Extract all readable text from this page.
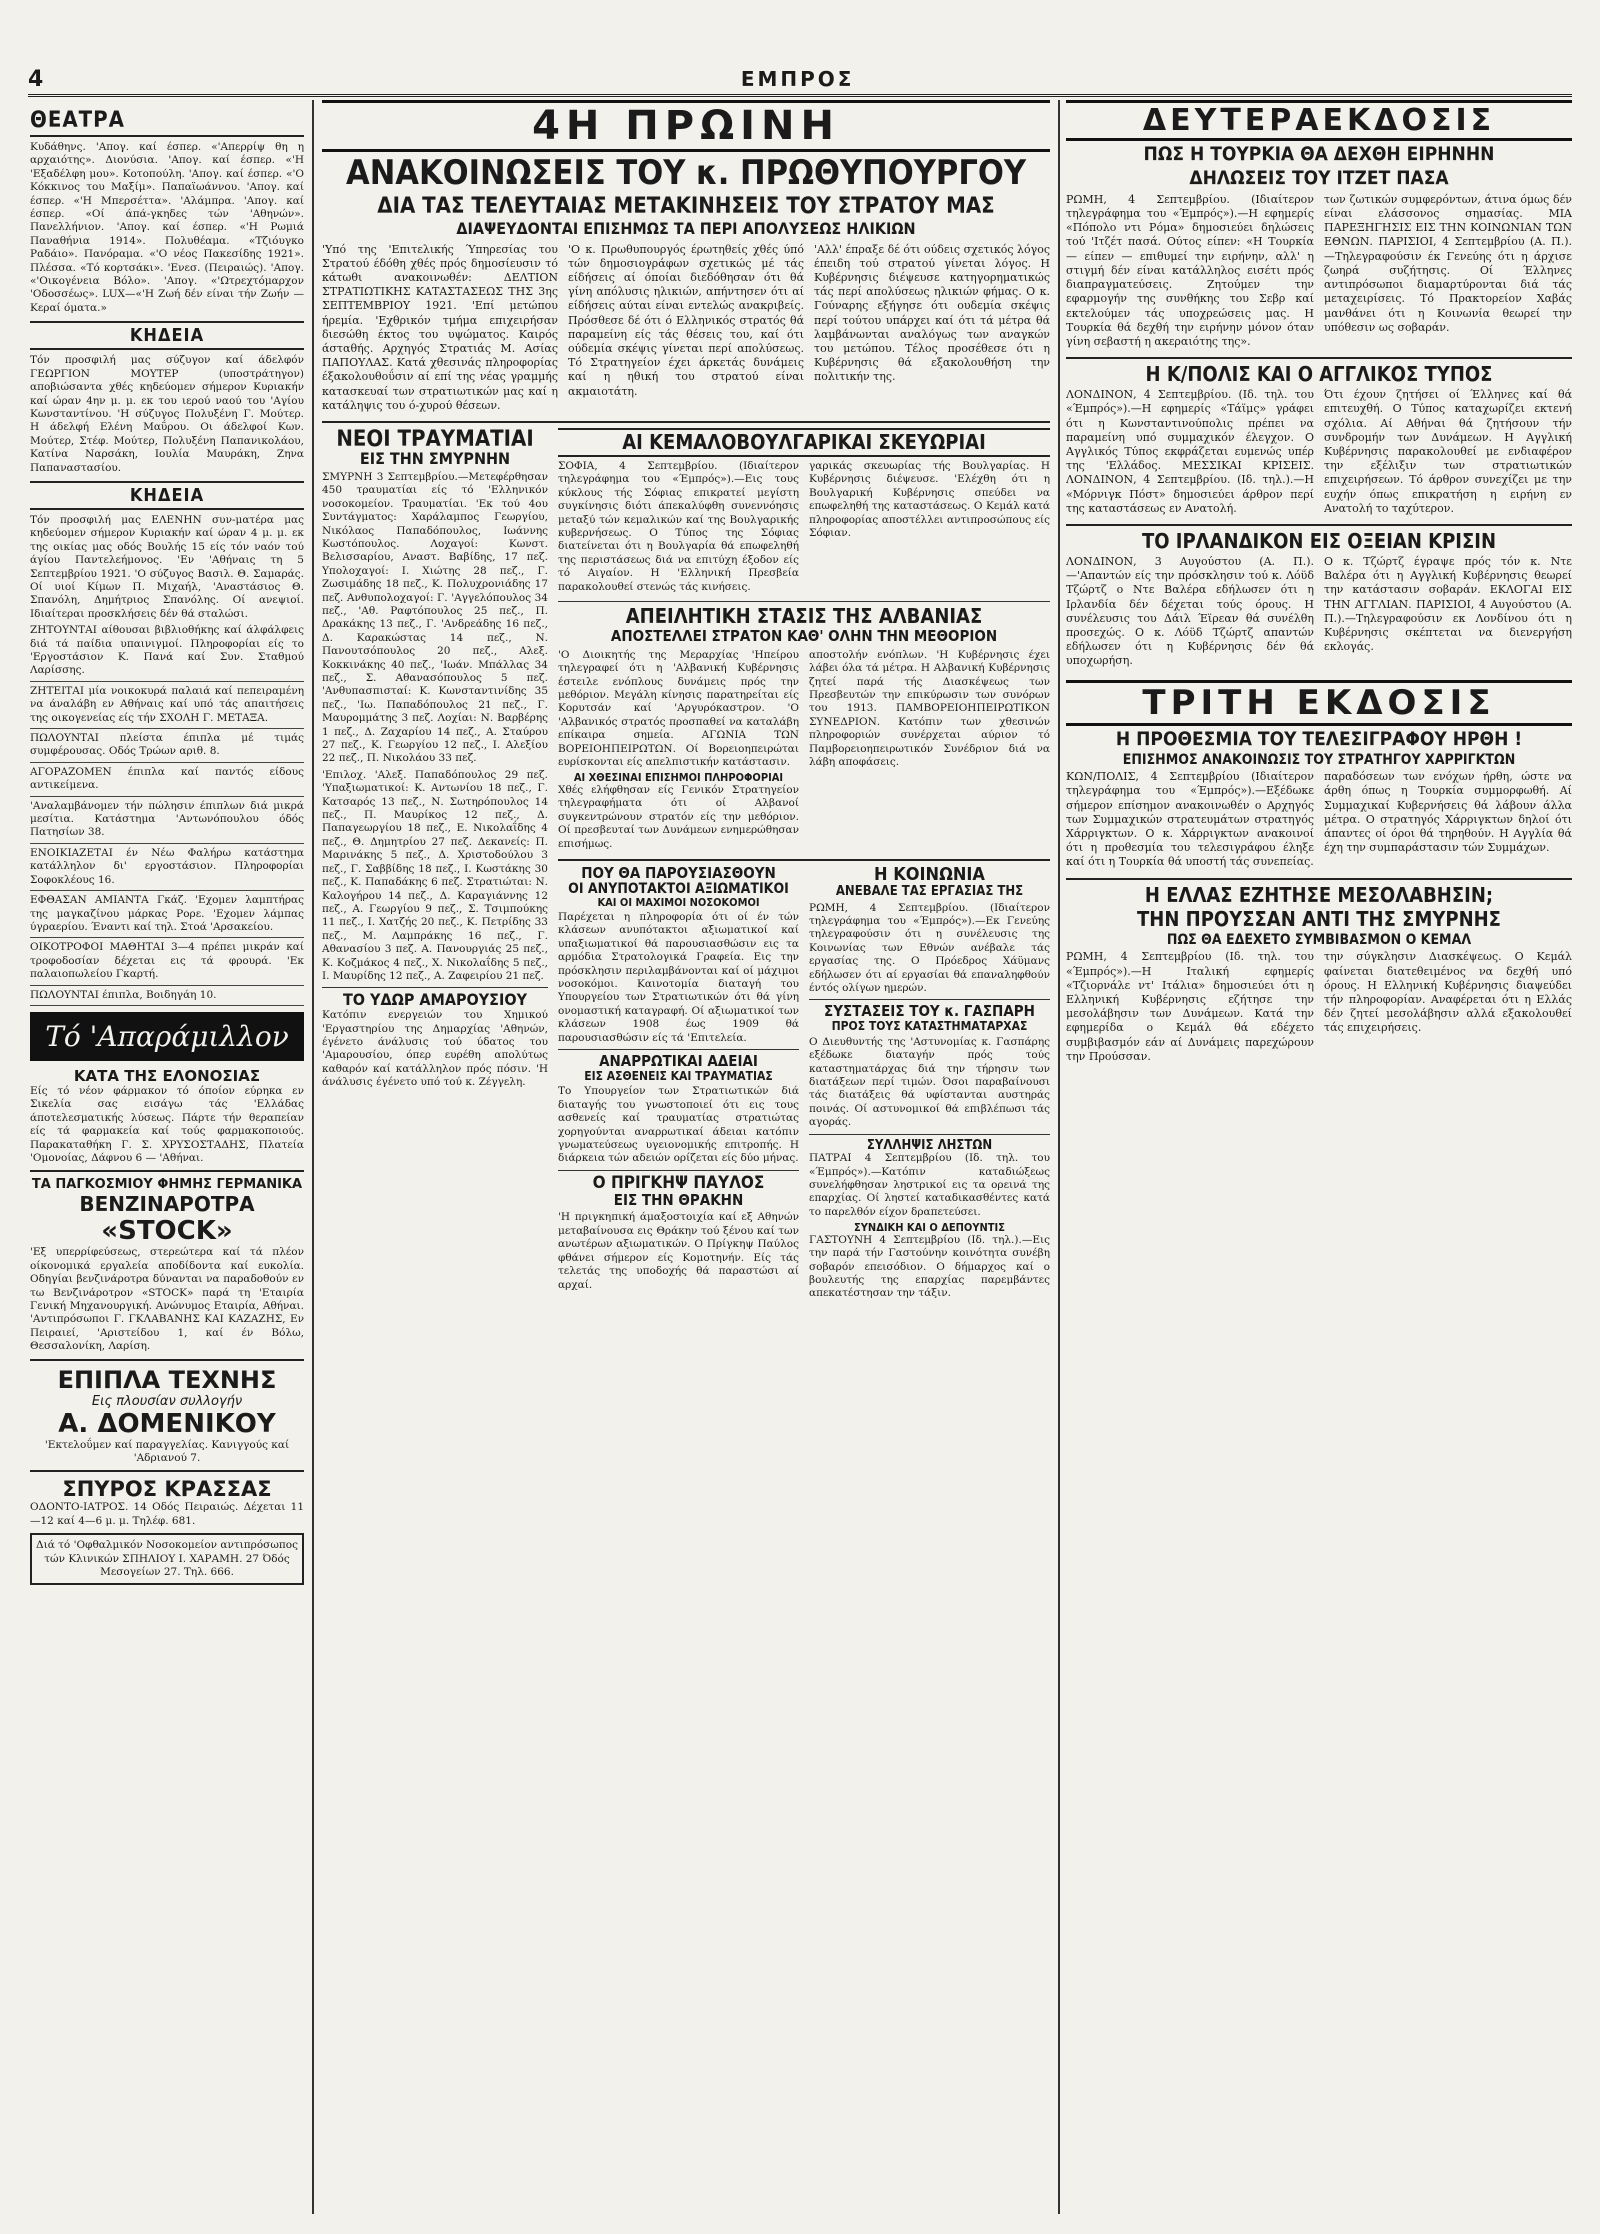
4	ΕΜΠΡΟΣ
ΘΕΑΤΡΑ

Κυδάθηνς. 'Απογ. καί έσπερ. «'Απερρίψ θη η αρχαιότης». Διονύσια. 'Απογ. καί έσπερ. «'Η 'Εξαδέλφη μου». Κοτοπούλη. 'Απογ. καί έσπερ. «'Ο Κόκκινος του Μαξίμ». Παπαϊωάννου. 'Απογ. καί έσπερ. «'Η Μπερσέττα». 'Αλάμπρα. 'Απογ. καί έσπερ. «Οί άπά-γκηδες τών 'Αθηνών». Πανελλήνιον. 'Απογ. καί έσπερ. «'Η Ρωμιά Παναθήνια 1914». Πολυθέαμα. «Τζιόυγκο Ραδάιο». Πανόραμα. «'Ο νέος Πακεσίδης 1921». Πλέσσα. «Τό κορτσάκι». 'Ενεσ. (Πειραιώς). 'Απογ. «'Οικογένεια Βόλο». 'Απογ. «'Ωτρεχτόμαρχον 'Οδοσσέως». LUX—«'Η Ζωή δέν είναι τήν Ζωήν — Κεραί όματα.»

ΚΗΔΕΙΑ

Τόν προσφιλή μας σύζυγον καί άδελφόν ΓΕΩΡΓΙΟΝ ΜΟΥΤΕΡ (υποστράτηγον) αποβιώσαντα χθές κηδεύομεν σήμερον Κυριακήν καί ώραν 4ην μ. μ. εκ του ιερού ναού του 'Αγίου Κωνσταντίνου. 'Η σύζυγος Πολυξένη Γ. Μούτερ. Η άδελφή Ελένη Μαΰρου. Οι άδελφοί Κων. Μούτερ, Στέφ. Μούτερ, Πολυξένη Παπανικολάου, Κατίνα Ναρσάκη, Ιουλία Μαυράκη, Ζηνα Παπαναστασίου.

ΚΗΔΕΙΑ

Τόν προσφιλή μας ΕΛΕΝΗΝ συν-ματέρα μας κηδεύομεν σήμερον Κυριακήν καί ώραν 4 μ. μ. εκ της οικίας μας οδός Βουλής 15 είς τόν ναόν τού άγίου Παντελεήμονος. 'Εν 'Αθήναις τη 5 Σεπτεμβρίου 1921. 'Ο σύζυγος Βασιλ. Θ. Σαμαράς. Οί υιοί Κίμων Π. Μιχαήλ, 'Αναστάσιος Θ. Σπανόλη, Δημήτριος Σπανόλης. Οί ανεψιοί. Ιδιαίτεραι προσκλήσεις δέν θά σταλώσι.

ΖΗΤΟΥΝΤΑΙ αίθουσαι βιβλιοθήκης καί άλφάλφεις διά τά παίδια υπαινιγμοί. Πληροφορίαι είς το 'Εργοστάσιον Κ. Πανά καί Συν. Σταθμού Λαρίσσης.

ΖΗΤΕΙΤΑΙ μία νοικοκυρά παλαιά καί πεπειραμένη να άναλάβη εν Αθήναις καί υπό τάς απαιτήσεις της οικογενείας είς τήν ΣΧΟΛΗ Γ. ΜΕΤΑΞΑ.

ΠΩΛΟΥΝΤΑΙ πλείστα έπιπλα μέ τιμάς συμφέρουσας. Οδός Τρώων αριθ. 8.

ΑΓΟΡΑΖΟΜΕΝ έπιπλα καί παντός είδους αντικείμενα.

'Αναλαμβάνομεν τήν πώλησιν έπιπλων διά μικρά μεσίτια. Κατάστημα 'Αντωνόπουλου όδός Πατησίων 38.

ΕΝΟΙΚΙΑΖΕΤΑΙ έν Νέω Φαλήρω κατάστημα κατάλληλον δι' εργοστάσιον. Πληροφορίαι Σοφοκλέους 16.

ΕΦΘΑΣΑΝ ΑΜΙΑΝΤΑ Γκάζ. 'Εχομεν λαμπτήρας της μαγκαζίνου μάρκας Ρορε. 'Εχομεν λάμπας ύγραερίου. Έναντι καί τηλ. Στοά 'Αρσακείου.

ΟΙΚΟΤΡΟΦΟΙ ΜΑΘΗΤΑΙ 3—4 πρέπει μικράν καί τροφοδοσίαν δέχεται εις τά φρουρά. 'Εκ παλαιοπωλείου Γκαρτή.

ΠΩΛΟΥΝΤΑΙ έπιπλα, Βοιδηγάη 10.

Τό 'Απαράμιλλον
ΚΑΤΑ ΤΗΣ ΕΛΟΝΟΣΙΑΣ

Είς τό νέον φάρμακον τό όποίον εύρηκα εν Σικελία σας εισάγω τάς 'Ελλάδας άποτελεσματικής λύσεως. Πάρτε τήν θεραπείαν είς τά φαρμακεία καί τούς φαρμακοποιούς. Παρακαταθήκη Γ. Σ. ΧΡΥΣΟΣΤΑΔΗΣ, Πλατεία 'Ομονοίας, Δάφνου 6 — 'Αθήναι.

ΤΑ ΠΑΓΚΟΣΜΙΟΥ ΦΗΜΗΣ ΓΕΡΜΑΝΙΚΑ
ΒΕΝΖΙΝΑΡΟΤΡΑ
«STOCK»

'Εξ υπερρίφεύσεως, στερεώτερα καί τά πλέον οίκονομικά εργαλεία αποδίδοντα καί ευκολία. Οδηγίαι βενζινάροτρα δύνανται να παραδοθούν εν τω Βενζινάροτρον «STOCK» παρά τη 'Εταιρία Γενική Μηχανουργική. Ανώνυμος Εταιρία, Αθήναι. 'Αντιπρόσωποι Γ. ΓΚΛΑΒΑΝΗΣ ΚΑΙ ΚΑΖΑΖΗΣ, Εν Πειραιεί, 'Αριστείδου 1, καί έν Βόλω, Θεσσαλονίκη, Λαρίση.

ΕΠΙΠΛΑ ΤΕΧΝΗΣ
Εις πλουσίαν συλλογήν
Α. ΔΟΜΕΝΙΚΟΥ

'Εκτελοΰμεν καί παραγγελίας. Κανιγγούς καί 'Αδριανού 7.

ΣΠΥΡΟΣ ΚΡΑΣΣΑΣ

ΟΔΟΝΤΟ-ΙΑΤΡΟΣ. 14 Οδός Πειραιώς. Δέχεται 11—12 καί 4—6 μ. μ. Τηλέφ. 681.

Διά τό 'Οφθαλμικόν Νοσοκομείον αντιπρόσωπος τών Κλινικών ΣΠΗΛΙΟΥ Ι. ΧΑΡΑΜΗ. 27 Όδός Μεσογείων 27. Τηλ. 666.

4Η ΠΡΩΙΝΗ
ΑΝΑΚΟΙΝΩΣΕΙΣ ΤΟΥ κ. ΠΡΩΘΥΠΟΥΡΓΟΥ
ΔΙΑ ΤΑΣ ΤΕΛΕΥΤΑΙΑΣ ΜΕΤΑΚΙΝΗΣΕΙΣ ΤΟΥ ΣΤΡΑΤΟΥ ΜΑΣ
ΔΙΑΨΕΥΔΟΝΤΑΙ ΕΠΙΣΗΜΩΣ ΤΑ ΠΕΡΙ ΑΠΟΛΥΣΕΩΣ ΗΛΙΚΙΩΝ

'Υπό της 'Επιτελικής Ύπηρεσίας του Στρατού έδόθη χθές πρός δημοσίευσιν τό κάτωθι ανακοινωθέν: ΔΕΛΤΙΟΝ ΣΤΡΑΤΙΩΤΙΚΗΣ ΚΑΤΑΣΤΑΣΕΩΣ ΤΗΣ 3ης ΣΕΠΤΕΜΒΡΙΟΥ 1921. 'Επί μετώπου ήρεμία. 'Εχθρικόν τμήμα επιχειρήσαν διεσώθη έκτος του υψώματος. Καιρός άσταθής. Αρχηγός Στρατιάς Μ. Ασίας ΠΑΠΟΥΛΑΣ. Κατά χθεσινάς πληροφορίας έξακολουθοΰσιν αί επί της νέας γραμμής κατασκευαί των στρατιωτικών μας καί η κατάληψις του ό-χυρού θέσεων.

'Ο κ. Πρωθυπουργός έρωτηθείς χθές ύπό τών δημοσιογράφων σχετικώς μέ τάς είδήσεις αί όποίαι διεδόθησαν ότι θά γίνη απόλυσις ηλικιών, απήντησεν ότι αί είδήσεις αύται είναι εντελώς ανακριβείς. Πρόσθεσε δέ ότι ό Ελληνικός στρατός θά παραμείνη είς τάς θέσεις του, καί ότι ούδεμία σκέψις γίνεται περί απολύσεως. Τό Στρατηγείον έχει άρκετάς δυνάμεις καί η ηθική του στρατού είναι ακμαιοτάτη.

'Αλλ' έπραξε δέ ότι ούδεις σχετικός λόγος έπειδη τού στρατού γίνεται λόγος. Η Κυβέρνησις διέψευσε κατηγορηματικώς τάς περί απολύσεως ηλικιών φήμας. Ο κ. Γούναρης εξήγησε ότι ουδεμία σκέψις περί τούτου υπάρχει καί ότι τά μέτρα θά λαμβάνωνται αναλόγως των αναγκών του μετώπου. Τέλος προσέθεσε ότι η Κυβέρνησις θά εξακολουθήση την πολιτικήν της.

ΝΕΟΙ ΤΡΑΥΜΑΤΙΑΙ
ΕΙΣ ΤΗΝ ΣΜΥΡΝΗΝ

ΣΜΥΡΝΗ 3 Σεπτεμβρίου.—Μετεφέρθησαν 450 τραυματίαι είς τό 'Ελληνικόν νοσοκομείον. Τραυματίαι. 'Εκ τού 4ου Συντάγματος: Χαράλαμπος Γεωργίου, Νικόλαος Παπαδόπουλος, Ιωάννης Κωστόπουλος. Λοχαγοί: Κωνστ. Βελισσαρίου, Αναστ. Βαβίδης, 17 πεζ. Υπολοχαγοί: Ι. Χιώτης 28 πεζ., Γ. Ζωσιμάδης 18 πεζ., Κ. Πολυχρονιάδης 17 πεζ. Ανθυπολοχαγοί: Γ. 'Αγγελόπουλος 34 πεζ., 'Αθ. Ραφτόπουλος 25 πεζ., Π. Δρακάκης 13 πεζ., Γ. 'Ανδρεάδης 16 πεζ., Δ. Καρακώστας 14 πεζ., Ν. Πανουτσόπουλος 20 πεζ., Αλεξ. Κοκκινάκης 40 πεζ., 'Ιωάν. Μπάλλας 34 πεζ., Σ. Αθανασόπουλος 5 πεζ. 'Ανθυπασπισταί: Κ. Κωνσταντινίδης 35 πεζ., 'Ιω. Παπαδόπουλος 21 πεζ., Γ. Μαυρομμάτης 3 πεζ. Λοχίαι: Ν. Βαρβέρης 1 πεζ., Δ. Ζαχαρίου 14 πεζ., Α. Σταύρου 27 πεζ., Κ. Γεωργίου 12 πεζ., Ι. Αλεξίου 22 πεζ., Π. Νικολάου 33 πεζ.

'Επιλοχ. 'Αλεξ. Παπαδόπουλος 29 πεζ. 'Υπαξιωματικοί: Κ. Αντωνίου 18 πεζ., Γ. Κατσαρός 13 πεζ., Ν. Σωτηρόπουλος 14 πεζ., Π. Μαυρίκος 12 πεζ., Δ. Παπαγεωργίου 18 πεζ., Ε. Νικολαΐδης 4 πεζ., Θ. Δημητρίου 27 πεζ. Δεκανείς: Π. Μαρινάκης 5 πεζ., Δ. Χριστοδούλου 3 πεζ., Γ. Σαββίδης 18 πεζ., Ι. Κωστάκης 30 πεζ., Κ. Παπαδάκης 6 πεζ. Στρατιώται: Ν. Καλογήρου 14 πεζ., Δ. Καραγιάννης 12 πεζ., Α. Γεωργίου 9 πεζ., Σ. Τσιμπούκης 11 πεζ., Ι. Χατζής 20 πεζ., Κ. Πετρίδης 33 πεζ., Μ. Λαμπράκης 16 πεζ., Γ. Αθανασίου 3 πεζ. Α. Πανουργιάς 25 πεζ., Κ. Κοζμάκος 4 πεζ., Χ. Νικολαΐδης 5 πεζ., Ι. Μαυρίδης 12 πεζ., Α. Ζαφειρίου 21 πεζ.

ΤΟ ΥΔΩΡ ΑΜΑΡΟΥΣΙΟΥ

Κατόπιν ενεργειών του Χημικού 'Εργαστηρίου της Δημαρχίας 'Αθηνών, έγένετο άνάλυσις τού ύδατος του 'Αμαρουσίου, όπερ ευρέθη απολύτως καθαρόν καί κατάλληλον πρός πόσιν. 'Η άνάλυσις έγένετο υπό τού κ. Ζέγγελη.

ΑΙ ΚΕΜΑΛΟΒΟΥΛΓΑΡΙΚΑΙ ΣΚΕΥΩΡΙΑΙ

ΣΟΦΙΑ, 4 Σεπτεμβρίου. (Ιδιαίτερον τηλεγράφημα του «Έμπρός»).—Εις τους κύκλους τής Σόφιας επικρατεί μεγίστη συγκίνησις διότι άπεκαλύφθη συνεννόησις μεταξύ τών κεμαλικών καί της Βουλγαρικής κυβερνήσεως. Ο Τύπος της Σόφιας διατείνεται ότι η Βουλγαρία θά επωφεληθή της περιστάσεως διά να επιτύχη έξοδον είς τό Αιγαίον. Η 'Ελληνική Πρεσβεία παρακολουθεί στενώς τάς κινήσεις.

γαρικάς σκευωρίας τής Βουλγαρίας. Η Κυβέρνησις διέψευσε. 'Ελέχθη ότι η Βουλγαρική Κυβέρνησις σπεύδει να επωφεληθή της καταστάσεως. Ο Κεμάλ κατά πληροφορίας αποστέλλει αντιπροσώπους είς Σόφιαν.

ΑΠΕΙΛΗΤΙΚΗ ΣΤΑΣΙΣ ΤΗΣ ΑΛΒΑΝΙΑΣ
ΑΠΟΣΤΕΛΛΕΙ ΣΤΡΑΤΟΝ ΚΑΘ' ΟΛΗΝ ΤΗΝ ΜΕΘΟΡΙΟΝ

'Ο Διοικητής της Μεραρχίας 'Ηπείρου τηλεγραφεί ότι η 'Αλβανική Κυβέρνησις έστειλε ενόπλους δυνάμεις πρός την μεθόριον. Μεγάλη κίνησις παρατηρείται είς Κορυτσάν καί 'Αργυρόκαστρον. 'Ο 'Αλβανικός στρατός προσπαθεί να καταλάβη επίκαιρα σημεία. ΑΓΩΝΙΑ ΤΩΝ ΒΟΡΕΙΟΗΠΕΙΡΩΤΩΝ. Οί Βορειοηπειρώται ευρίσκονται είς απελπιστικήν κατάστασιν.

ΑΙ ΧΘΕΣΙΝΑΙ ΕΠΙΣΗΜΟΙ ΠΛΗΡΟΦΟΡΙΑΙ

Χθές ελήφθησαν είς Γενικόν Στρατηγείον τηλεγραφήματα ότι οί Αλβανοί συγκεντρώνουν στρατόν είς την μεθόριον. Οί πρεσβευταί των Δυνάμεων ενημερώθησαν επισήμως.

αποστολήν ενόπλων. 'Η Κυβέρνησις έχει λάβει όλα τά μέτρα. Η Αλβανική Κυβέρνησις ζητεί παρά τής Διασκέψεως των Πρεσβευτών την επικύρωσιν των συνόρων του 1913. ΠΑΜΒΟΡΕΙΟΗΠΕΙΡΩΤΙΚΟΝ ΣΥΝΕΔΡΙΟΝ. Κατόπιν των χθεσινών πληροφοριών συνέρχεται αύριον τό Παμβορειοηπειρωτικόν Συνέδριον διά να λάβη αποφάσεις.

ΠΟΥ ΘΑ ΠΑΡΟΥΣΙΑΣΘΟΥΝ
ΟΙ ΑΝΥΠΟΤΑΚΤΟΙ ΑΞΙΩΜΑΤΙΚΟΙ
ΚΑΙ ΟΙ ΜΑΧΙΜΟΙ ΝΟΣΟΚΟΜΟΙ

Παρέχεται η πληροφορία ότι οί έν τών κλάσεων ανυπότακτοι αξιωματικοί καί υπαξιωματικοί θά παρουσιασθώσιν εις τα αρμόδια Στρατολογικά Γραφεία. Εις την πρόσκλησιν περιλαμβάνονται καί οί μάχιμοι νοσοκόμοι. Καινοτομία διαταγή του Υπουργείου των Στρατιωτικών ότι θά γίνη ονομαστική καταγραφή. Οί αξιωματικοί των κλάσεων 1908 έως 1909 θά παρουσιασθώσιν είς τά 'Επιτελεία.

ΑΝΑΡΡΩΤΙΚΑΙ ΑΔΕΙΑΙ
ΕΙΣ ΑΣΘΕΝΕΙΣ ΚΑΙ ΤΡΑΥΜΑΤΙΑΣ

Το Υπουργείον των Στρατιωτικών διά διαταγής του γνωστοποιεί ότι εις τους ασθενείς καί τραυματίας στρατιώτας χορηγούνται αναρρωτικαί άδειαι κατόπιν γνωματεύσεως υγειονομικής επιτροπής. Η διάρκεια τών αδειών ορίζεται είς δύο μήνας.

Ο ΠΡΙΓΚΗΨ ΠΑΥΛΟΣ
ΕΙΣ ΤΗΝ ΘΡΑΚΗΝ

'Η πριγκηπική άμαξοστοιχία καί εξ Αθηνών μεταβαίνουσα εις Θράκην τού ξένου καί των ανωτέρων αξιωματικών. Ο Πρίγκηψ Παύλος φθάνει σήμερον είς Κομοτηνήν. Είς τάς τελετάς της υποδοχής θά παραστώσι αί αρχαί.

Η ΚΟΙΝΩΝΙΑ
ΑΝΕΒΑΛΕ ΤΑΣ ΕΡΓΑΣΙΑΣ ΤΗΣ

ΡΩΜΗ, 4 Σεπτεμβρίου. (Ιδιαίτερον τηλεγράφημα του «Έμπρός»).—Εκ Γενεύης τηλεγραφούσιν ότι η συνέλευσις της Κοινωνίας των Εθνών ανέβαλε τάς εργασίας της. Ο Πρόεδρος Χάϋμανς εδήλωσεν ότι αί εργασίαι θά επαναληφθούν έντός ολίγων ημερών.

ΣΥΣΤΑΣΕΙΣ ΤΟΥ κ. ΓΑΣΠΑΡΗ
ΠΡΟΣ ΤΟΥΣ ΚΑΤΑΣΤΗΜΑΤΑΡΧΑΣ

Ο Διευθυντής της 'Αστυνομίας κ. Γασπάρης εξέδωκε διαταγήν πρός τούς καταστηματάρχας διά την τήρησιν των διατάξεων περί τιμών. Όσοι παραβαίνουσι τάς διατάξεις θά υφίστανται αυστηράς ποινάς. Οί αστυνομικοί θά επιβλέπωσι τάς αγοράς.

ΣΥΛΛΗΨΙΣ ΛΗΣΤΩΝ

ΠΑΤΡΑΙ 4 Σεπτεμβρίου (Ιδ. τηλ. του «Έμπρός»).—Κατόπιν καταδιώξεως συνελήφθησαν ληστρικοί εις τα ορεινά της επαρχίας. Οί ληστεί καταδικασθέντες κατά το παρελθόν είχον δραπετεύσει.

ΣΥΝΔΙΚΗ ΚΑΙ Ο ΔΕΠΟΥΝΤΙΣ

ΓΑΣΤΟΥΝΗ 4 Σεπτεμβρίου (Ιδ. τηλ.).—Εις την παρά τήν Γαστούνην κοινότητα συνέβη σοβαρόν επεισόδιον. Ο δήμαρχος καί ο βουλευτής της επαρχίας παρεμβάντες απεκατέστησαν την τάξιν.

ΔΕΥΤΕΡΑΕΚΔΟΣΙΣ
ΠΩΣ Η ΤΟΥΡΚΙΑ ΘΑ ΔΕΧΘΗ ΕΙΡΗΝΗΝ
ΔΗΛΩΣΕΙΣ ΤΟΥ ΙΤΖΕΤ ΠΑΣΑ

ΡΩΜΗ, 4 Σεπτεμβρίου. (Ιδιαίτερον τηλεγράφημα του «Έμπρός»).—Η εφημερίς «Πόπολο ντι Ρόμα» δημοσιεύει δηλώσεις τού 'Ιτζέτ πασά. Ούτος είπεν: «Η Τουρκία — είπεν — επιθυμεί την ειρήνην, αλλ' η στιγμή δέν είναι κατάλληλος εισέτι πρός διαπραγματεύσεις. Ζητούμεν την εφαρμογήν της συνθήκης του Σεβρ καί εκτελούμεν τάς υποχρεώσεις μας. Η Τουρκία θά δεχθή την ειρήνην μόνον όταν γίνη σεβαστή η ακεραιότης της».

των ζωτικών συμφερόντων, άτινα όμως δέν είναι ελάσσονος σημασίας. ΜΙΑ ΠΑΡΕΞΗΓΗΣΙΣ ΕΙΣ ΤΗΝ ΚΟΙΝΩΝΙΑΝ ΤΩΝ ΕΘΝΩΝ. ΠΑΡΙΣΙΟΙ, 4 Σεπτεμβρίου (Α. Π.).—Τηλεγραφούσιν έκ Γενεύης ότι η άρχισε ζωηρά συζήτησις. Οί Έλληνες αντιπρόσωποι διαμαρτύρονται διά τάς μεταχειρίσεις. Τό Πρακτορείον Χαβάς μανθάνει ότι η Κοινωνία θεωρεί την υπόθεσιν ως σοβαράν.

Η Κ/ΠΟΛΙΣ ΚΑΙ Ο ΑΓΓΛΙΚΟΣ ΤΥΠΟΣ

ΛΟΝΔΙΝΟΝ, 4 Σεπτεμβρίου. (Ιδ. τηλ. του «Έμπρός»).—Η εφημερίς «Τάϊμς» γράφει ότι η Κωνσταντινούπολις πρέπει να παραμείνη υπό συμμαχικόν έλεγχον. Ο Αγγλικός Τύπος εκφράζεται ευμενώς υπέρ της 'Ελλάδος. ΜΕΣΣΙΚΑΙ ΚΡΙΣΕΙΣ. ΛΟΝΔΙΝΟΝ, 4 Σεπτεμβρίου. (Ιδ. τηλ.).—Η «Μόρνιγκ Πόστ» δημοσιεύει άρθρον περί της καταστάσεως εν Ανατολή.

Ότι έχουν ζητήσει οί Έλληνες καί θά επιτευχθή. Ο Τύπος καταχωρίζει εκτενή σχόλια. Αί Αθήναι θά ζητήσουν τήν συνδρομήν των Δυνάμεων. Η Αγγλική Κυβέρνησις παρακολουθεί με ενδιαφέρον την εξέλιξιν των στρατιωτικών επιχειρήσεων. Τό άρθρον συνεχίζει με την ευχήν όπως επικρατήση η ειρήνη εν Ανατολή το ταχύτερον.

ΤΟ ΙΡΛΑΝΔΙΚΟΝ ΕΙΣ ΟΞΕΙΑΝ ΚΡΙΣΙΝ

ΛΟΝΔΙΝΟΝ, 3 Αυγούστου (Α. Π.).—'Απαντών είς την πρόσκλησιν τού κ. Λόϋδ Τζώρτζ ο Ντε Βαλέρα εδήλωσεν ότι η Ιρλανδία δέν δέχεται τούς όρους. Η συνέλευσις του Δάιλ Έϊρεαν θά συνέλθη προσεχώς. Ο κ. Λόϋδ Τζώρτζ απαντών εδήλωσεν ότι η Κυβέρνησις δέν θά υποχωρήση.

Ο κ. Τζώρτζ έγραψε πρός τόν κ. Ντε Βαλέρα ότι η Αγγλική Κυβέρνησις θεωρεί την κατάστασιν σοβαράν. ΕΚΛΟΓΑΙ ΕΙΣ ΤΗΝ ΑΓΓΛΙΑΝ. ΠΑΡΙΣΙΟΙ, 4 Αυγούστου (Α. Π.).—Τηλεγραφούσιν εκ Λονδίνου ότι η Κυβέρνησις σκέπτεται να διενεργήση εκλογάς.

ΤΡΙΤΗ ΕΚΔΟΣΙΣ
Η ΠΡΟΘΕΣΜΙΑ ΤΟΥ ΤΕΛΕΣΙΓΡΑΦΟΥ ΗΡΘΗ !
ΕΠΙΣΗΜΟΣ ΑΝΑΚΟΙΝΩΣΙΣ ΤΟΥ ΣΤΡΑΤΗΓΟΥ ΧΑΡΡΙΓΚΤΩΝ

ΚΩΝ/ΠΟΛΙΣ, 4 Σεπτεμβρίου (Ιδιαίτερον τηλεγράφημα του «Έμπρός»).—Εξέδωκε σήμερον επίσημον ανακοινωθέν ο Αρχηγός των Συμμαχικών στρατευμάτων στρατηγός Χάρριγκτων. Ο κ. Χάρριγκτων ανακοινοί ότι η προθεσμία του τελεσιγράφου έληξε καί ότι η Τουρκία θά υποστή τάς συνεπείας.

παραδόσεων των ενόχων ήρθη, ώστε να άρθη όπως η Τουρκία συμμορφωθή. Αί Συμμαχικαί Κυβερνήσεις θά λάβουν άλλα μέτρα. Ο στρατηγός Χάρριγκτων δηλοί ότι άπαντες οί όροι θά τηρηθούν. Η Αγγλία θά έχη την συμπαράστασιν τών Συμμάχων.

Η ΕΛΛΑΣ ΕΖΗΤΗΣΕ ΜΕΣΟΛΑΒΗΣΙΝ;
ΤΗΝ ΠΡΟΥΣΣΑΝ ΑΝΤΙ ΤΗΣ ΣΜΥΡΝΗΣ
ΠΩΣ ΘΑ ΕΔΕΧΕΤΟ ΣΥΜΒΙΒΑΣΜΟΝ Ο ΚΕΜΑΛ

ΡΩΜΗ, 4 Σεπτεμβρίου (Ιδ. τηλ. του «Έμπρός»).—Η Ιταλική εφημερίς «Τζιορνάλε ντ' Ιτάλια» δημοσιεύει ότι η Ελληνική Κυβέρνησις εζήτησε την μεσολάβησιν των Δυνάμεων. Κατά την εφημερίδα ο Κεμάλ θά εδέχετο συμβιβασμόν εάν αί Δυνάμεις παρεχώρουν την Προύσσαν.

την σύγκλησιν Διασκέψεως. Ο Κεμάλ φαίνεται διατεθειμένος να δεχθή υπό όρους. Η Ελληνική Κυβέρνησις διαψεύδει τήν πληροφορίαν. Αναφέρεται ότι η Ελλάς δέν ζητεί μεσολάβησιν αλλά εξακολουθεί τάς επιχειρήσεις.
